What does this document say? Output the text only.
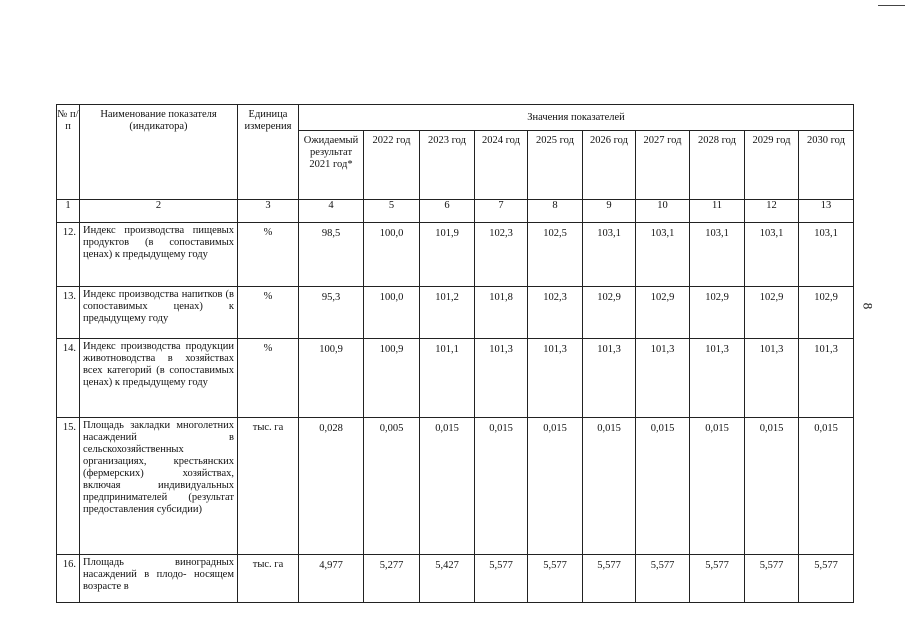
8
№ п/п	Наименование показателя (индикатора)	Единица измерения	Значения показателей									
			Ожидаемый результат 2021 год*	2022 год	2023 год	2024 год	2025 год	2026 год	2027 год	2028 год	2029 год	2030 год
1	2	3	4	5	6	7	8	9	10	11	12	13
12.	Индекс производства пищевых продуктов (в сопоставимых ценах) к предыдущему году	%	98,5	100,0	101,9	102,3	102,5	103,1	103,1	103,1	103,1	103,1
13.	Индекс производства напитков (в сопоставимых ценах) к предыдущему году	%	95,3	100,0	101,2	101,8	102,3	102,9	102,9	102,9	102,9	102,9
14.	Индекс производства продукции животноводства в хозяйствах всех категорий (в сопоставимых ценах) к предыдущему году	%	100,9	100,9	101,1	101,3	101,3	101,3	101,3	101,3	101,3	101,3
15.	Площадь закладки многолетних насаждений в сельскохозяйственных организациях, крестьянских (фермерских) хозяйствах, включая индивидуальных предпринимателей (результат предоставления субсидии)	тыс. га	0,028	0,005	0,015	0,015	0,015	0,015	0,015	0,015	0,015	0,015
16.	Площадь виноградных насаждений в плодо- носящем возрасте в	тыс. га	4,977	5,277	5,427	5,577	5,577	5,577	5,577	5,577	5,577	5,577
